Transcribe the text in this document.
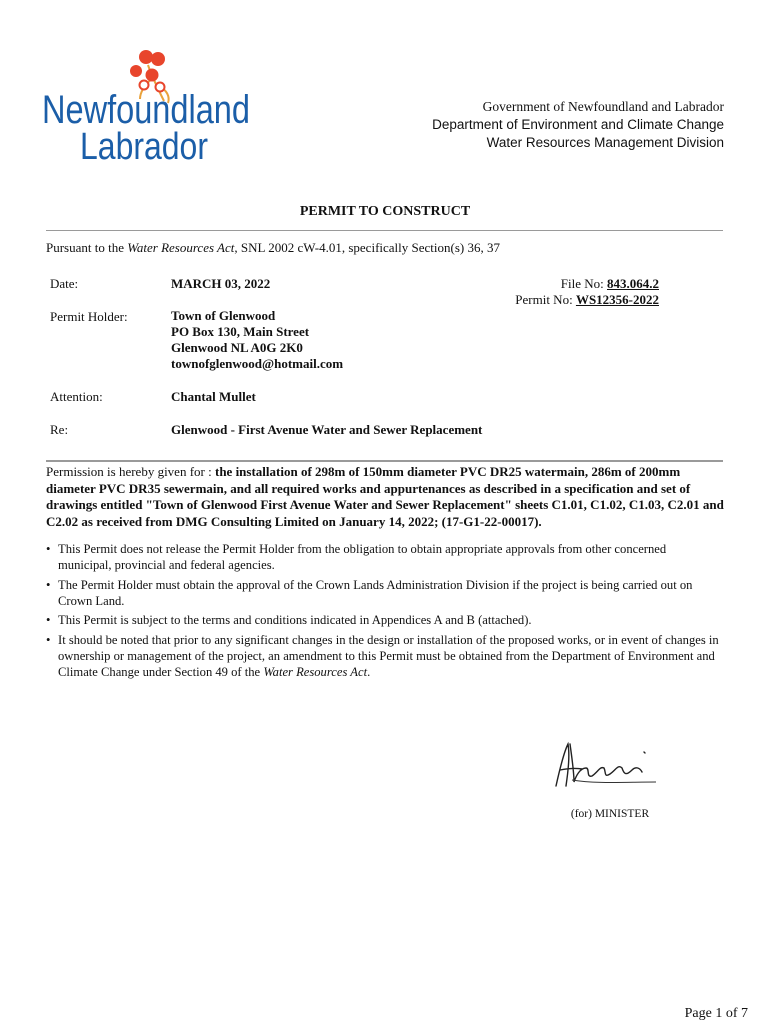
Newfoundland
Labrador
Government of Newfoundland and Labrador
Department of Environment and Climate Change
Water Resources Management Division
PERMIT TO CONSTRUCT
Pursuant to the Water Resources Act, SNL 2002 cW-4.01, specifically Section(s) 36, 37
Date:	MARCH 03, 2022	File No: 843.064.2
Permit No: WS12356-2022
Permit Holder:	Town of Glenwood
PO Box 130, Main Street
Glenwood NL A0G 2K0
townofglenwood@hotmail.com
Attention:	Chantal Mullet
Re:	Glenwood - First Avenue Water and Sewer Replacement
Permission is hereby given for : the installation of 298m of 150mm diameter PVC DR25 watermain, 286m of 200mm diameter PVC DR35 sewermain, and all required works and appurtenances as described in a specification and set of drawings entitled "Town of Glenwood First Avenue Water and Sewer Replacement" sheets C1.01, C1.02, C1.03, C2.01 and C2.02 as received from DMG Consulting Limited on January 14, 2022; (17-G1-22-00017).
• This Permit does not release the Permit Holder from the obligation to obtain appropriate approvals from other concerned municipal, provincial and federal agencies.
• The Permit Holder must obtain the approval of the Crown Lands Administration Division if the project is being carried out on Crown Land.
• This Permit is subject to the terms and conditions indicated in Appendices A and B (attached).
• It should be noted that prior to any significant changes in the design or installation of the proposed works, or in event of changes in ownership or management of the project, an amendment to this Permit must be obtained from the Department of Environment and Climate Change under Section 49 of the Water Resources Act.
(for) MINISTER
Page 1 of 7
